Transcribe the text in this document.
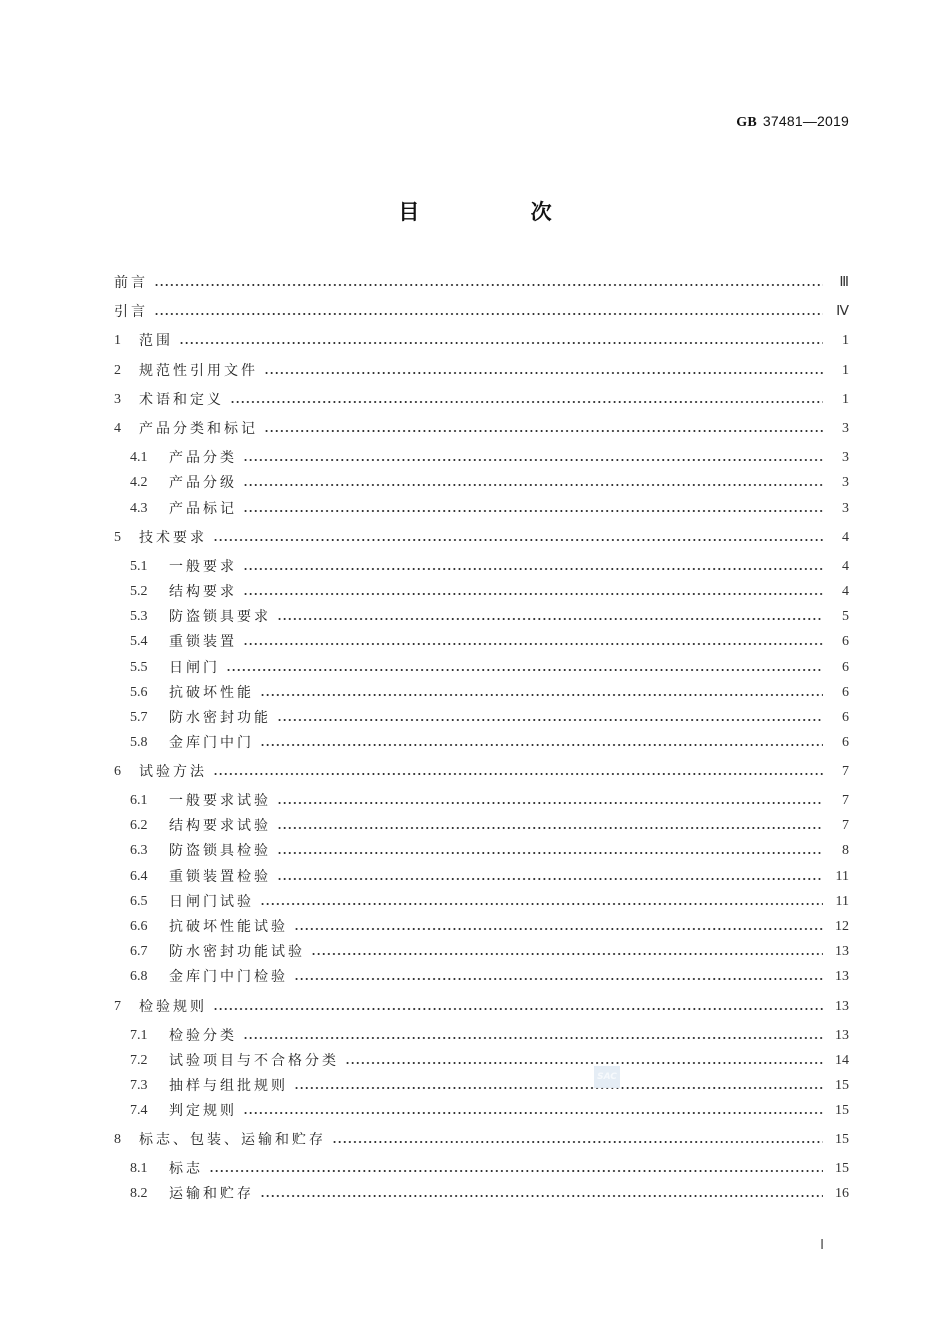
GB 37481—2019
目 次
前言	Ⅲ
引言	Ⅳ
1	范围	1
2	规范性引用文件	1
3	术语和定义	1
4	产品分类和标记	3
4.1	产品分类	3
4.2	产品分级	3
4.3	产品标记	3
5	技术要求	4
5.1	一般要求	4
5.2	结构要求	4
5.3	防盗锁具要求	5
5.4	重锁装置	6
5.5	日闸门	6
5.6	抗破坏性能	6
5.7	防水密封功能	6
5.8	金库门中门	6
6	试验方法	7
6.1	一般要求试验	7
6.2	结构要求试验	7
6.3	防盗锁具检验	8
6.4	重锁装置检验	11
6.5	日闸门试验	11
6.6	抗破坏性能试验	12
6.7	防水密封功能试验	13
6.8	金库门中门检验	13
7	检验规则	13
7.1	检验分类	13
7.2	试验项目与不合格分类	14
7.3	抽样与组批规则	15
7.4	判定规则	15
8	标志、包装、运输和贮存	15
8.1	标志	15
8.2	运输和贮存	16
SAC
Ⅰ
